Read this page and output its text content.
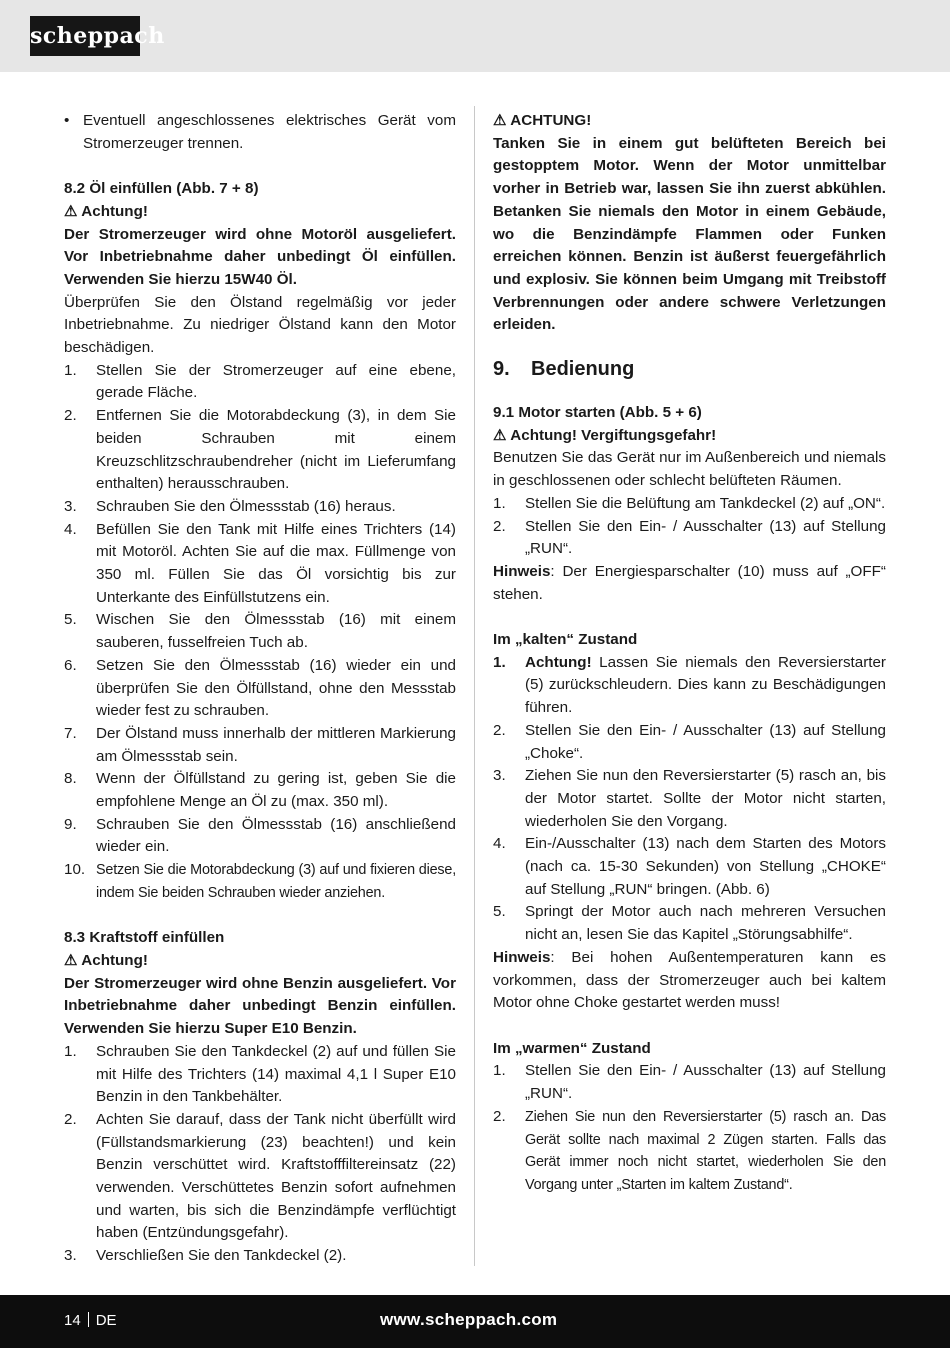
scheppach
• Eventuell angeschlossenes elektrisches Gerät vom Stromerzeuger trennen.

8.2 Öl einfüllen (Abb. 7 + 8)

⚠ Achtung!

Der Stromerzeuger wird ohne Motoröl ausgeliefert. Vor Inbetriebnahme daher unbedingt Öl einfüllen. Verwenden Sie hierzu 15W40 Öl.

Überprüfen Sie den Ölstand regelmäßig vor jeder Inbetriebnahme. Zu niedriger Ölstand kann den Motor beschädigen.

1. Stellen Sie der Stromerzeuger auf eine ebene, gerade Fläche.
2. Entfernen Sie die Motorabdeckung (3), in dem Sie beiden Schrauben mit einem Kreuzschlitzschraubendreher (nicht im Lieferumfang enthalten) herausschrauben.
3. Schrauben Sie den Ölmessstab (16) heraus.
4. Befüllen Sie den Tank mit Hilfe eines Trichters (14) mit Motoröl. Achten Sie auf die max. Füllmenge von 350 ml. Füllen Sie das Öl vorsichtig bis zur Unterkante des Einfüllstutzens ein.
5. Wischen Sie den Ölmessstab (16) mit einem sauberen, fusselfreien Tuch ab.
6. Setzen Sie den Ölmessstab (16) wieder ein und überprüfen Sie den Ölfüllstand, ohne den Messstab wieder fest zu schrauben.
7. Der Ölstand muss innerhalb der mittleren Markierung am Ölmessstab sein.
8. Wenn der Ölfüllstand zu gering ist, geben Sie die empfohlene Menge an Öl zu (max. 350 ml).
9. Schrauben Sie den Ölmessstab (16) anschließend wieder ein.
10. Setzen Sie die Motorabdeckung (3) auf und fixieren diese, indem Sie beiden Schrauben wieder anziehen.

8.3 Kraftstoff einfüllen

⚠ Achtung!

Der Stromerzeuger wird ohne Benzin ausgeliefert. Vor Inbetriebnahme daher unbedingt Benzin einfüllen. Verwenden Sie hierzu Super E10 Benzin.

1. Schrauben Sie den Tankdeckel (2) auf und füllen Sie mit Hilfe des Trichters (14) maximal 4,1 l Super E10 Benzin in den Tankbehälter.
2. Achten Sie darauf, dass der Tank nicht überfüllt wird (Füllstandsmarkierung (23) beachten!) und kein Benzin verschüttet wird. Kraftstofffiltereinsatz (22) verwenden. Verschüttetes Benzin sofort aufnehmen und warten, bis sich die Benzindämpfe verflüchtigt haben (Entzündungsgefahr).
3. Verschließen Sie den Tankdeckel (2).

⚠ ACHTUNG!

Tanken Sie in einem gut belüfteten Bereich bei gestopptem Motor. Wenn der Motor unmittelbar vorher in Betrieb war, lassen Sie ihn zuerst abkühlen. Betanken Sie niemals den Motor in einem Gebäude, wo die Benzindämpfe Flammen oder Funken erreichen können. Benzin ist äußerst feuergefährlich und explosiv. Sie können beim Umgang mit Treibstoff Verbrennungen oder andere schwere Verletzungen erleiden.

9. Bedienung

9.1 Motor starten (Abb. 5 + 6)

⚠ Achtung! Vergiftungsgefahr!

Benutzen Sie das Gerät nur im Außenbereich und niemals in geschlossenen oder schlecht belüfteten Räumen.

1. Stellen Sie die Belüftung am Tankdeckel (2) auf „ON“.
2. Stellen Sie den Ein- / Ausschalter (13) auf Stellung „RUN“.

Hinweis: Der Energiesparschalter (10) muss auf „OFF“ stehen.

Im „kalten“ Zustand

1. Achtung! Lassen Sie niemals den Reversierstarter (5) zurückschleudern. Dies kann zu Beschädigungen führen.
2. Stellen Sie den Ein- / Ausschalter (13) auf Stellung „Choke“.
3. Ziehen Sie nun den Reversierstarter (5) rasch an, bis der Motor startet. Sollte der Motor nicht starten, wiederholen Sie den Vorgang.
4. Ein-/Ausschalter (13) nach dem Starten des Motors (nach ca. 15-30 Sekunden) von Stellung „CHOKE“ auf Stellung „RUN“ bringen. (Abb. 6)
5. Springt der Motor auch nach mehreren Versuchen nicht an, lesen Sie das Kapitel „Störungsabhilfe“.

Hinweis: Bei hohen Außentemperaturen kann es vorkommen, dass der Stromerzeuger auch bei kaltem Motor ohne Choke gestartet werden muss!

Im „warmen“ Zustand

1. Stellen Sie den Ein- / Ausschalter (13) auf Stellung „RUN“.
2. Ziehen Sie nun den Reversierstarter (5) rasch an. Das Gerät sollte nach maximal 2 Zügen starten. Falls das Gerät immer noch nicht startet, wiederholen Sie den Vorgang unter „Starten im kaltem Zustand“.
14 DE	www.scheppach.com
